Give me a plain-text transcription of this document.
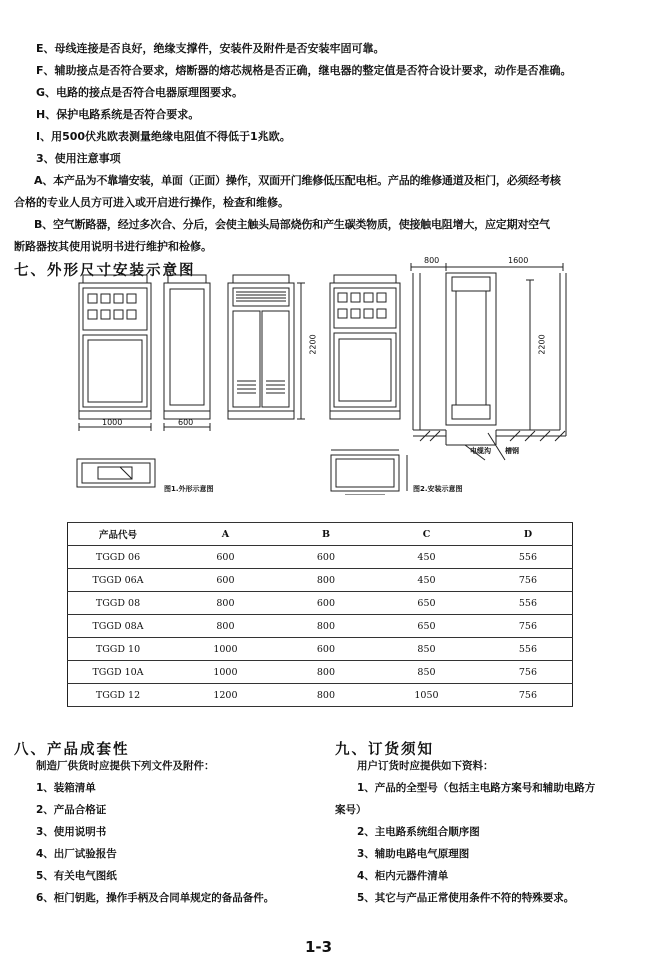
E、母线连接是否良好，绝缘支撑件，安装件及附件是否安装牢固可靠。
F、辅助接点是否符合要求，熔断器的熔芯规格是否正确，继电器的整定值是否符合设计要求，动作是否准确。
G、电路的接点是否符合电器原理图要求。
H、保护电路系统是否符合要求。
I、用500伏兆欧表测量绝缘电阻值不得低于1兆欧。
3、使用注意事项
A、本产品为不靠墙安装，单面（正面）操作，双面开门维修低压配电柜。产品的维修通道及柜门，必须经考核
合格的专业人员方可进入或开启进行操作，检查和维修。
B、空气断路器，经过多次合、分后，会使主触头局部烧伤和产生碳类物质，使接触电阻增大，应定期对空气
断路器按其使用说明书进行维护和检修。
七、外形尺寸安装示意图
1000	600
2200
800	1600
2200
电缆沟 槽钢
图1.外形示意图	图2.安装示意图
产品代号	A	B	C	D
TGGD 06	600	600	450	556
TGGD 06A	600	800	450	756
TGGD 08	800	600	650	556
TGGD 08A	800	800	650	756
TGGD 10	1000	600	850	556
TGGD 10A	1000	800	850	756
TGGD 12	1200	800	1050	756
八、产品成套性
制造厂供货时应提供下列文件及附件：
1、装箱清单
2、产品合格证
3、使用说明书
4、出厂试验报告
5、有关电气图纸
6、柜门钥匙，操作手柄及合同单规定的备品备件。
九、订货须知
用户订货时应提供如下资料：
1、产品的全型号（包括主电路方案号和辅助电路方
案号）
2、主电路系统组合顺序图
3、辅助电路电气原理图
4、柜内元器件清单
5、其它与产品正常使用条件不符的特殊要求。
1-3
